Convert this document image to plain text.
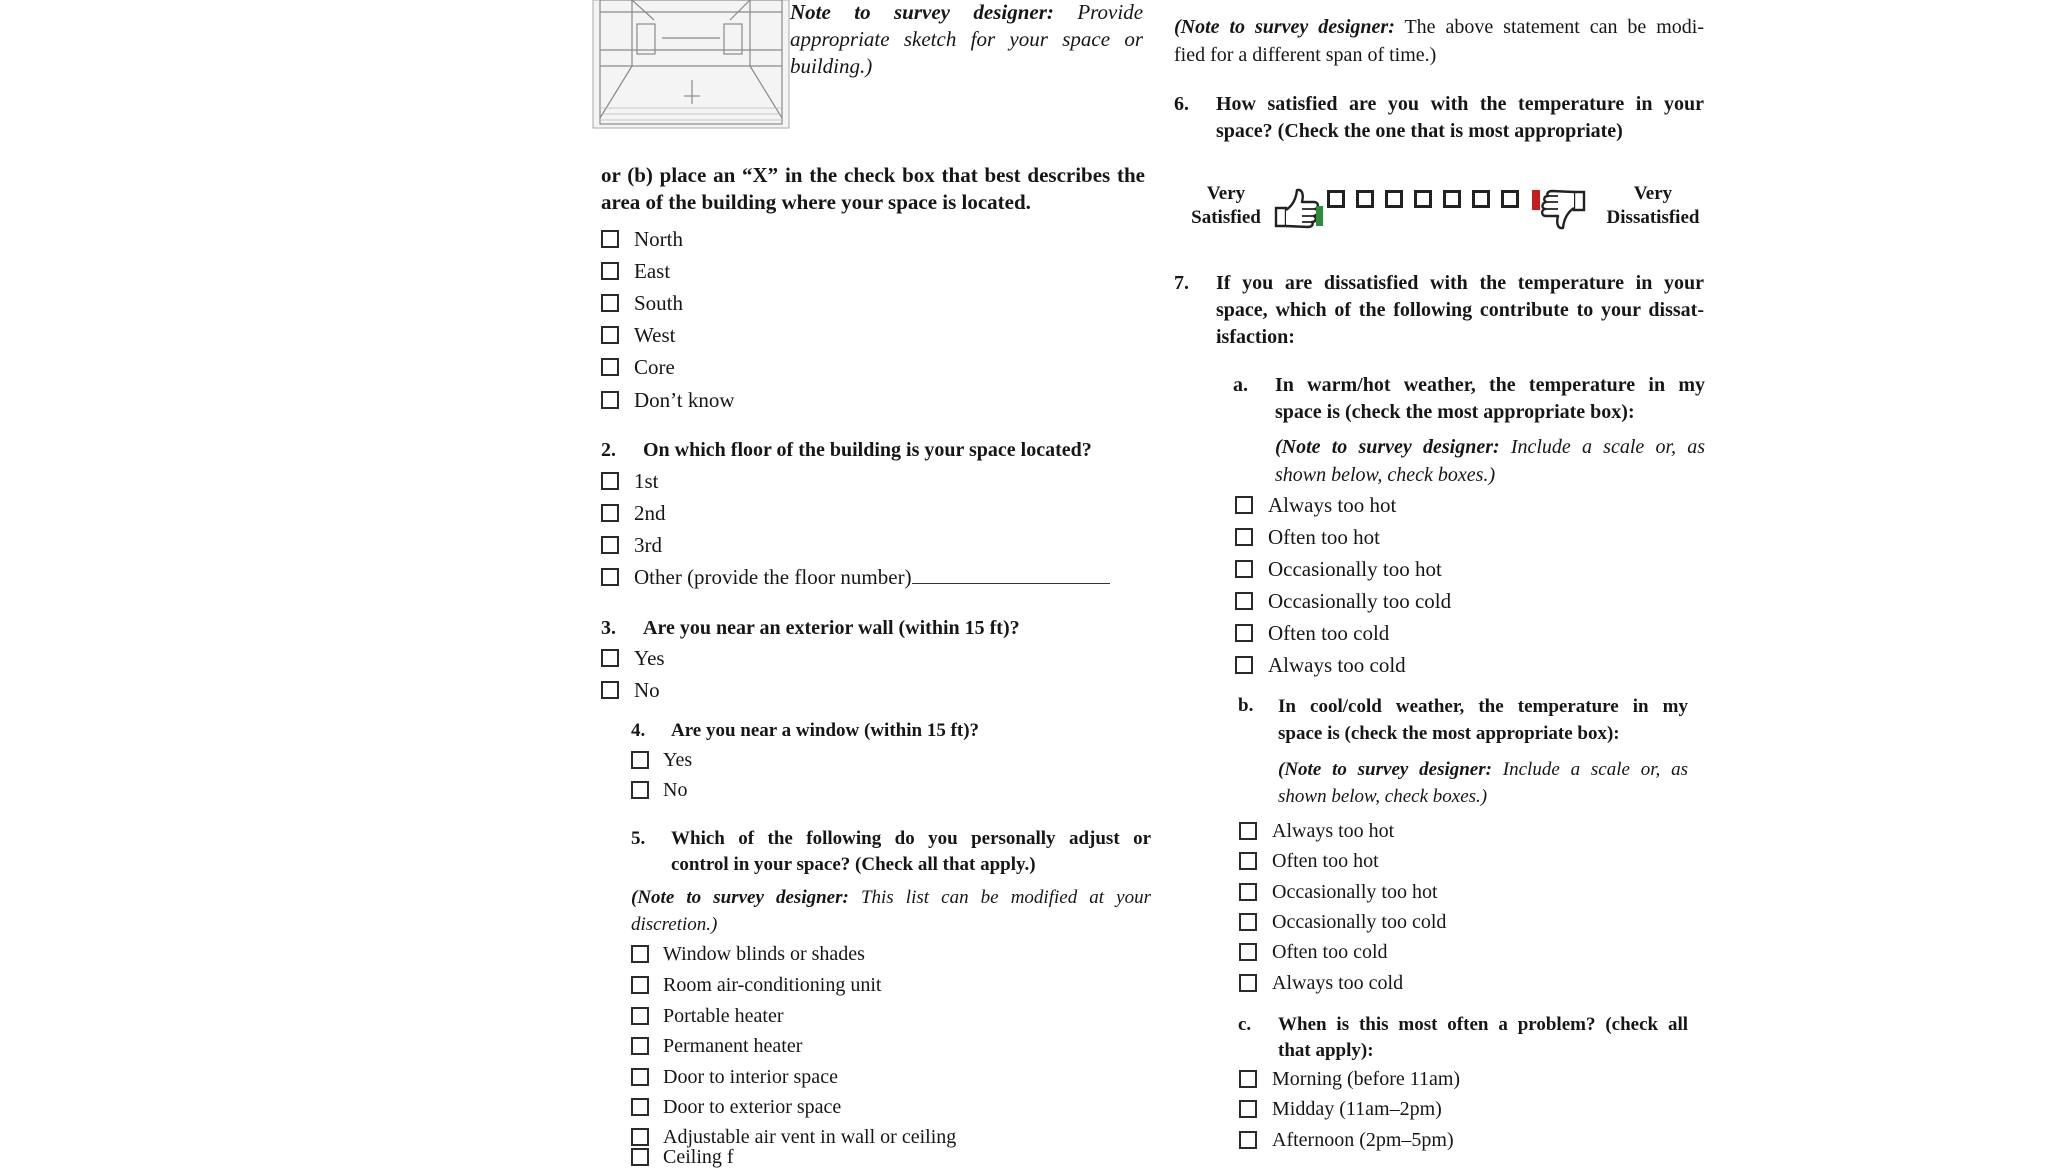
Note to survey designer: Provide
appropriate sketch for your space or
building.)
or (b) place an “X” in the check box that best describes the
area of the building where your space is located.
North
East
South
West
Core
Don’t know
2. On which floor of the building is your space located?
1st
2nd
3rd
Other (provide the floor number)
3. Are you near an exterior wall (within 15 ft)?
Yes
No
4. Are you near a window (within 15 ft)?
Yes
No
5. Which of the following do you personally adjust or
control in your space? (Check all that apply.)
(Note to survey designer: This list can be modified at your
discretion.)
Window blinds or shades
Room air-conditioning unit
Portable heater
Permanent heater
Door to interior space
Door to exterior space
Adjustable air vent in wall or ceiling
Ceiling f
(Note to survey designer: The above statement can be modi-
fied for a different span of time.)
6. How satisfied are you with the temperature in your
space? (Check the one that is most appropriate)
Very
Satisfied
Very
Dissatisfied
7. If you are dissatisfied with the temperature in your
space, which of the following contribute to your dissat-
isfaction:
a. In warm/hot weather, the temperature in my
space is (check the most appropriate box):
(Note to survey designer: Include a scale or, as
shown below, check boxes.)
Always too hot
Often too hot
Occasionally too hot
Occasionally too cold
Often too cold
Always too cold
b. In cool/cold weather, the temperature in my
space is (check the most appropriate box):
(Note to survey designer: Include a scale or, as
shown below, check boxes.)
Always too hot
Often too hot
Occasionally too hot
Occasionally too cold
Often too cold
Always too cold
c. When is this most often a problem? (check all
that apply):
Morning (before 11am)
Midday (11am–2pm)
Afternoon (2pm–5pm)
